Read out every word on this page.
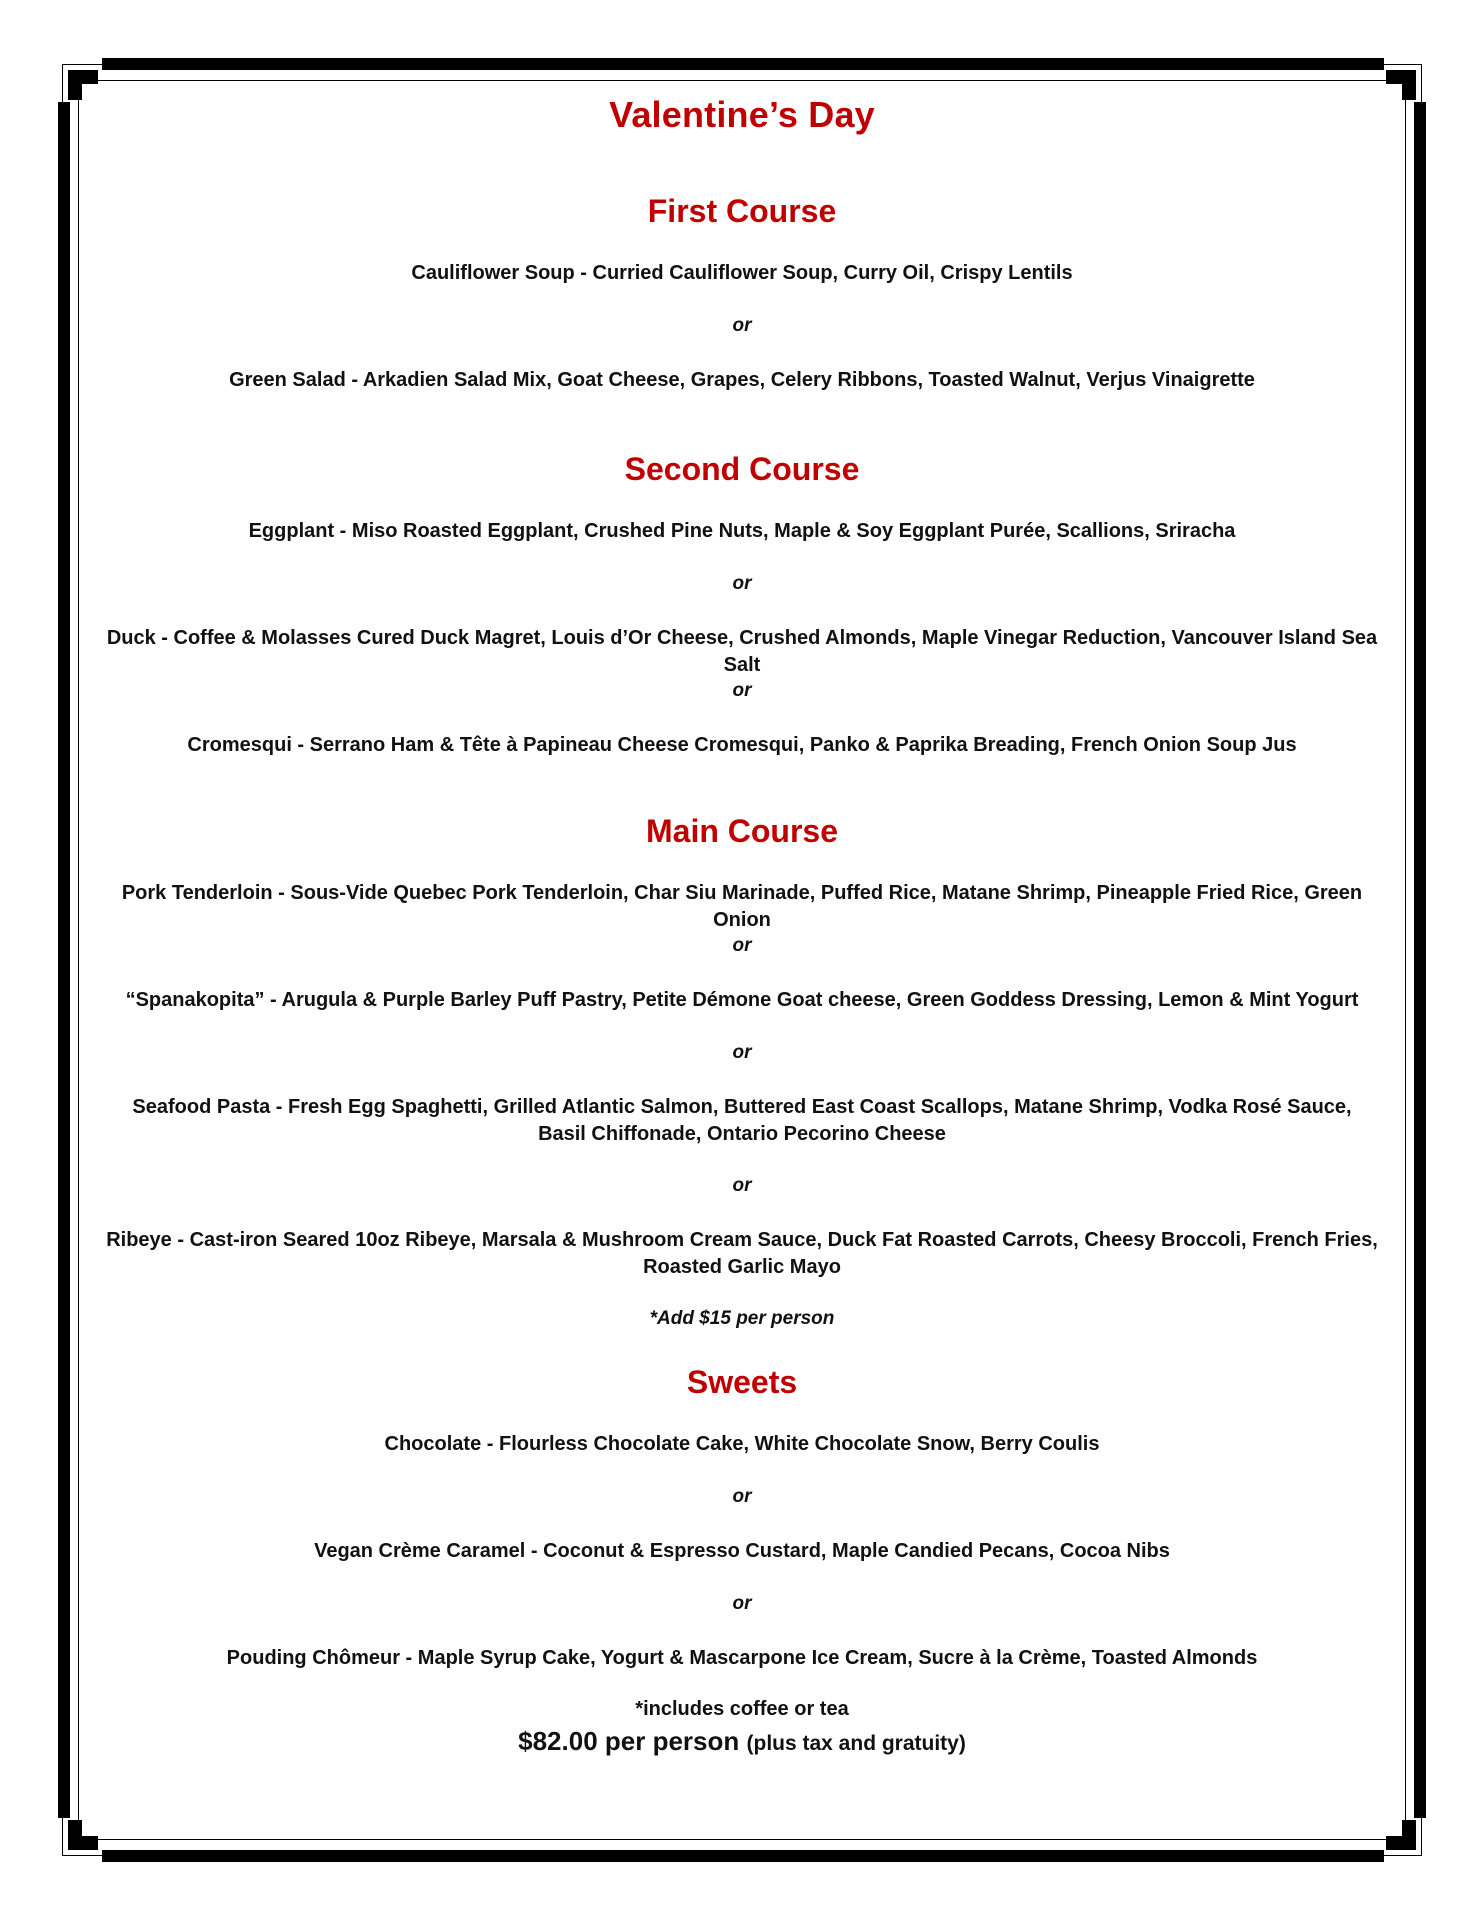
Valentine’s Day
First Course
Cauliflower Soup - Curried Cauliflower Soup, Curry Oil, Crispy Lentils
or
Green Salad - Arkadien Salad Mix, Goat Cheese, Grapes, Celery Ribbons, Toasted Walnut, Verjus Vinaigrette
Second Course
Eggplant - Miso Roasted Eggplant, Crushed Pine Nuts, Maple & Soy Eggplant Purée, Scallions, Sriracha
or
Duck - Coffee & Molasses Cured Duck Magret, Louis d’Or Cheese, Crushed Almonds, Maple Vinegar Reduction, Vancouver Island Sea Salt
or
Cromesqui - Serrano Ham & Tête à Papineau Cheese Cromesqui, Panko & Paprika Breading, French Onion Soup Jus
Main Course
Pork Tenderloin - Sous-Vide Quebec Pork Tenderloin, Char Siu Marinade, Puffed Rice, Matane Shrimp, Pineapple Fried Rice, Green Onion
or
“Spanakopita” - Arugula & Purple Barley Puff Pastry, Petite Démone Goat cheese, Green Goddess Dressing, Lemon & Mint Yogurt
or
Seafood Pasta - Fresh Egg Spaghetti, Grilled Atlantic Salmon, Buttered East Coast Scallops, Matane Shrimp, Vodka Rosé Sauce,
Basil Chiffonade, Ontario Pecorino Cheese
or
Ribeye - Cast-iron Seared 10oz Ribeye, Marsala & Mushroom Cream Sauce, Duck Fat Roasted Carrots, Cheesy Broccoli, French Fries,
Roasted Garlic Mayo
*Add $15 per person
Sweets
Chocolate - Flourless Chocolate Cake, White Chocolate Snow, Berry Coulis
or
Vegan Crème Caramel - Coconut & Espresso Custard, Maple Candied Pecans, Cocoa Nibs
or
Pouding Chômeur - Maple Syrup Cake, Yogurt & Mascarpone Ice Cream, Sucre à la Crème, Toasted Almonds
*includes coffee or tea
$82.00 per person (plus tax and gratuity)
